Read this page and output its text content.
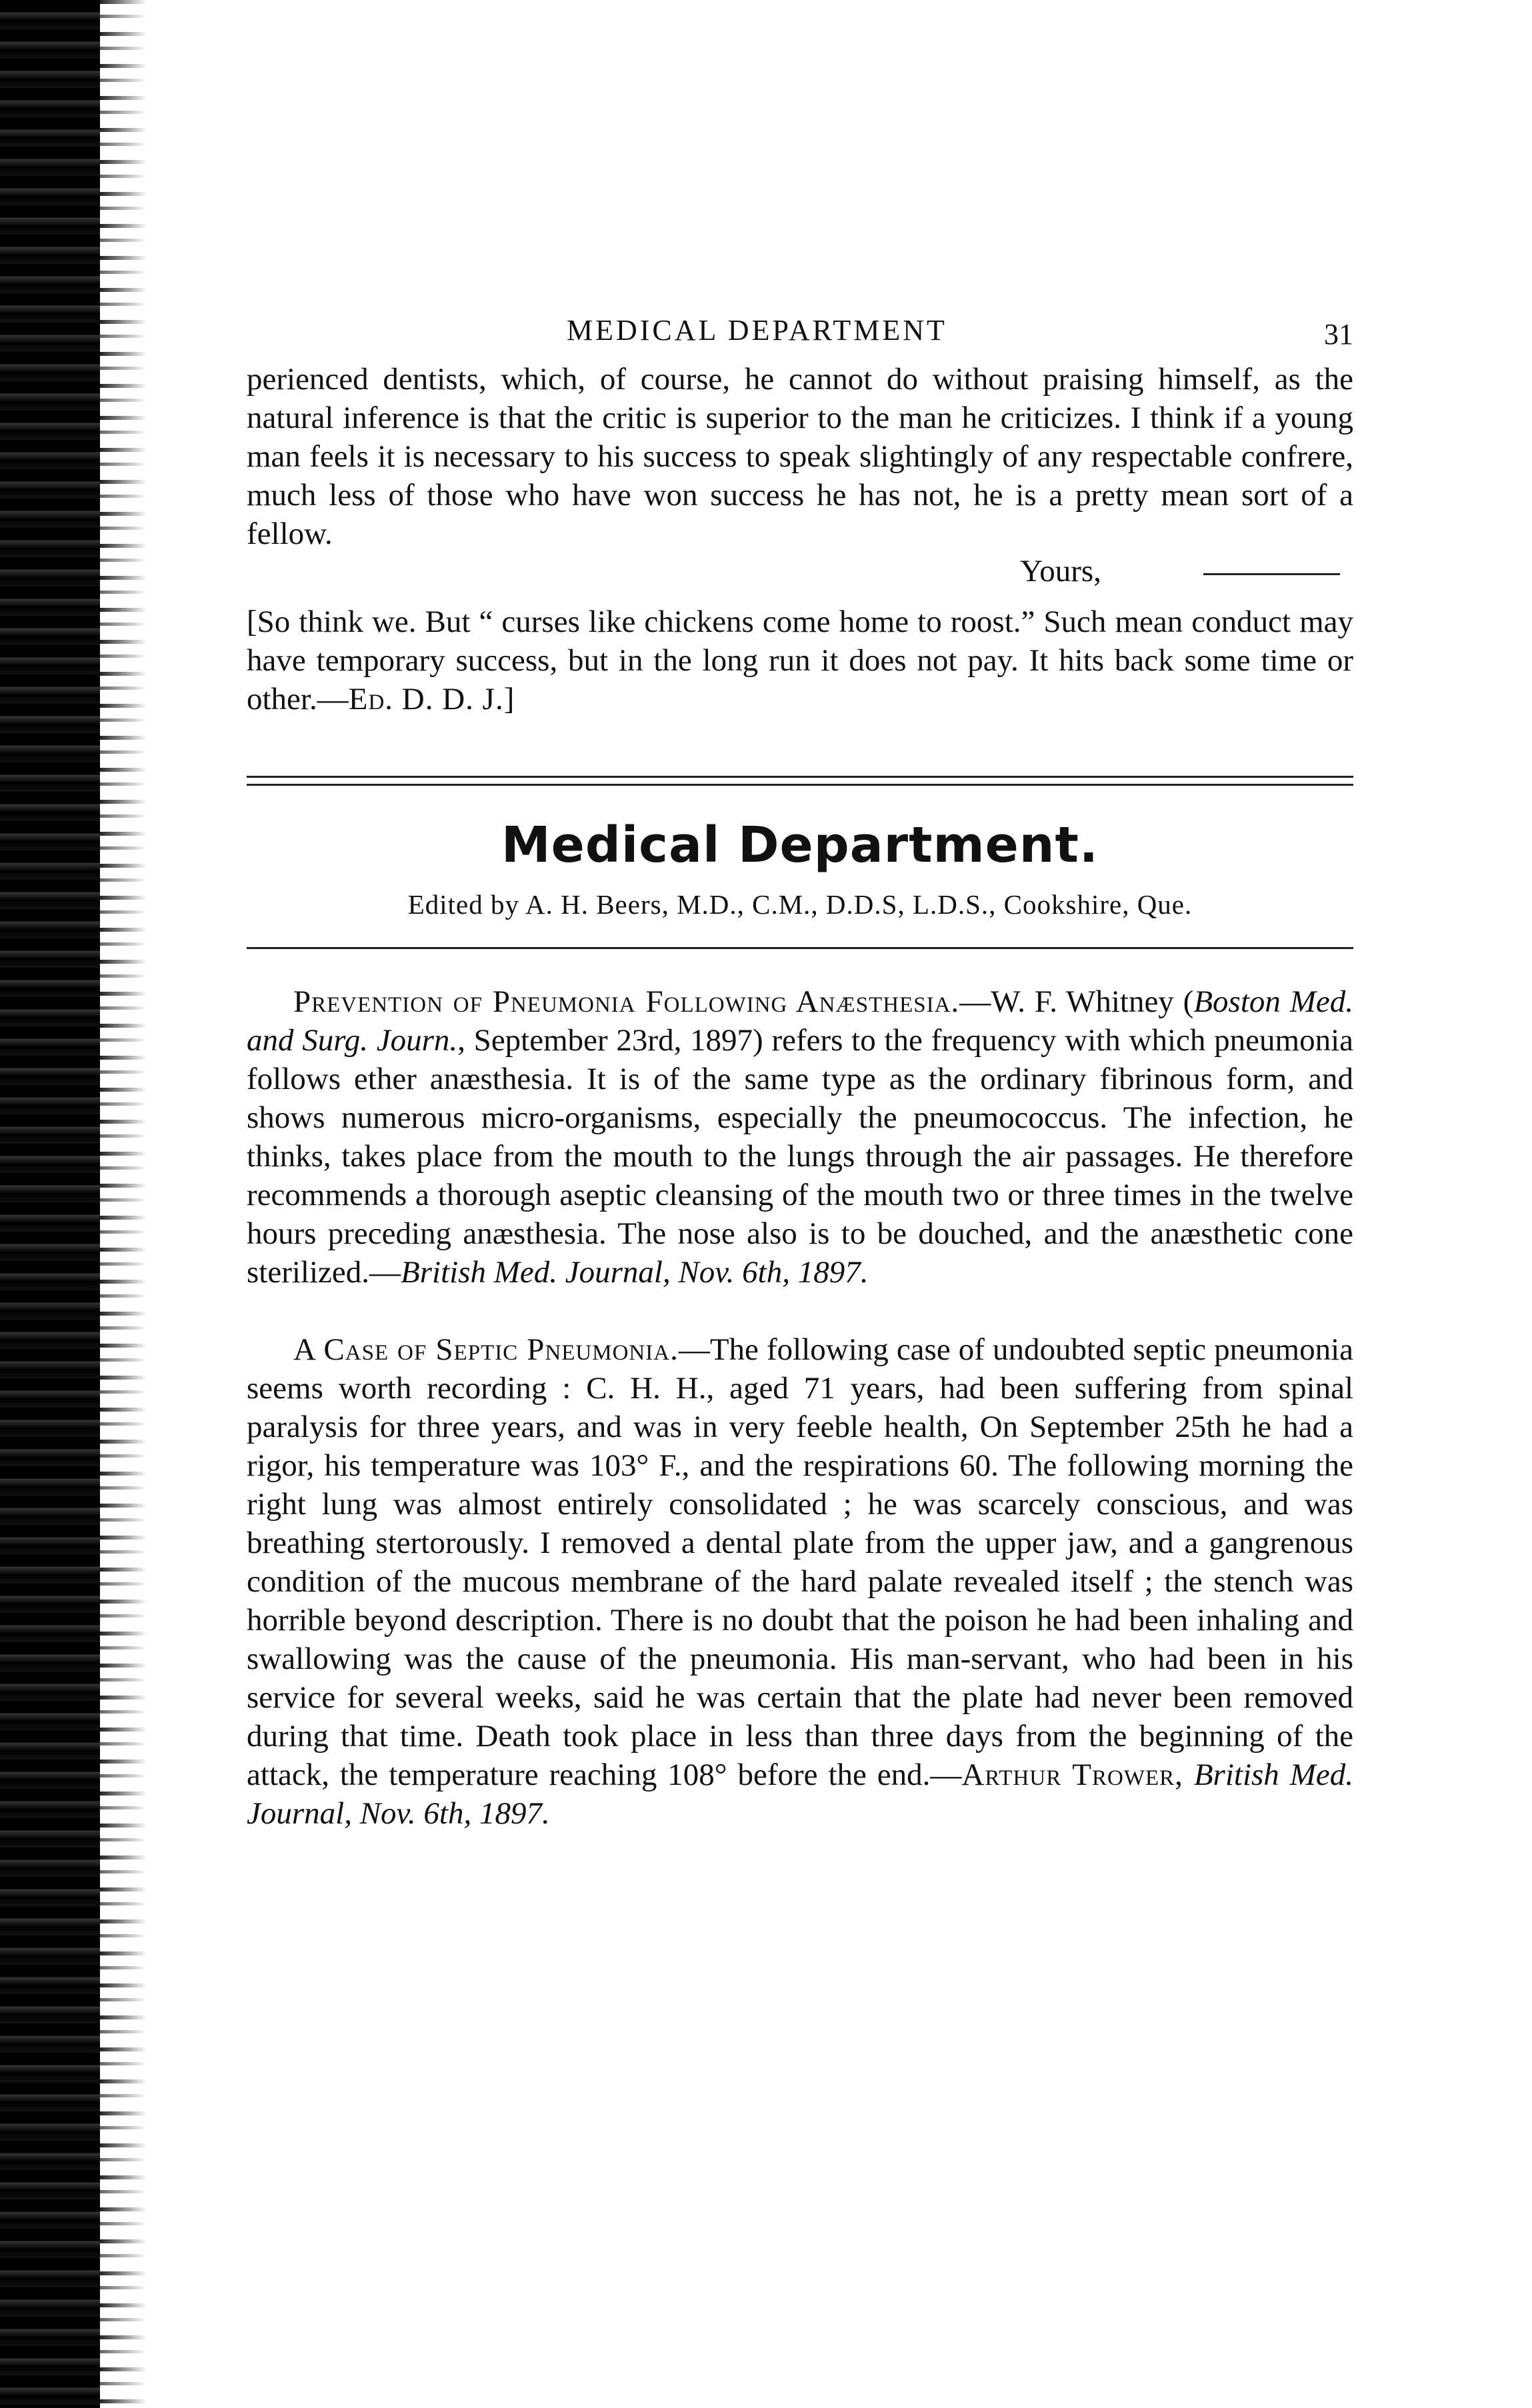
MEDICAL DEPARTMENT	31

perienced dentists, which, of course, he cannot do without praising himself, as the natural inference is that the critic is superior to the man he criticizes. I think if a young man feels it is necessary to his success to speak slightingly of any respectable confrere, much less of those who have won success he has not, he is a pretty mean sort of a fellow.

Yours,

[So think we. But “ curses like chickens come home to roost.” Such mean conduct may have temporary success, but in the long run it does not pay. It hits back some time or other.—Ed. D. D. J.]

Medical Department.
Edited by A. H. Beers, M.D., C.M., D.D.S, L.D.S., Cookshire, Que.

Prevention of Pneumonia Following Anæsthesia.—W. F. Whitney (Boston Med. and Surg. Journ., September 23rd, 1897) refers to the frequency with which pneumonia follows ether anæsthesia. It is of the same type as the ordinary fibrinous form, and shows numerous micro-organisms, especially the pneumococcus. The infection, he thinks, takes place from the mouth to the lungs through the air passages. He therefore recommends a thorough aseptic cleansing of the mouth two or three times in the twelve hours preceding anæsthesia. The nose also is to be douched, and the anæsthetic cone sterilized.—British Med. Journal, Nov. 6th, 1897.

A Case of Septic Pneumonia.—The following case of undoubted septic pneumonia seems worth recording : C. H. H., aged 71 years, had been suffering from spinal paralysis for three years, and was in very feeble health, On September 25th he had a rigor, his temperature was 103° F., and the respirations 60. The following morning the right lung was almost entirely consolidated ; he was scarcely conscious, and was breathing stertorously. I removed a dental plate from the upper jaw, and a gangrenous condition of the mucous membrane of the hard palate revealed itself ; the stench was horrible beyond description. There is no doubt that the poison he had been inhaling and swallowing was the cause of the pneumonia. His man-servant, who had been in his service for several weeks, said he was certain that the plate had never been removed during that time. Death took place in less than three days from the beginning of the attack, the temperature reaching 108° before the end.—Arthur Trower, British Med. Journal, Nov. 6th, 1897.
